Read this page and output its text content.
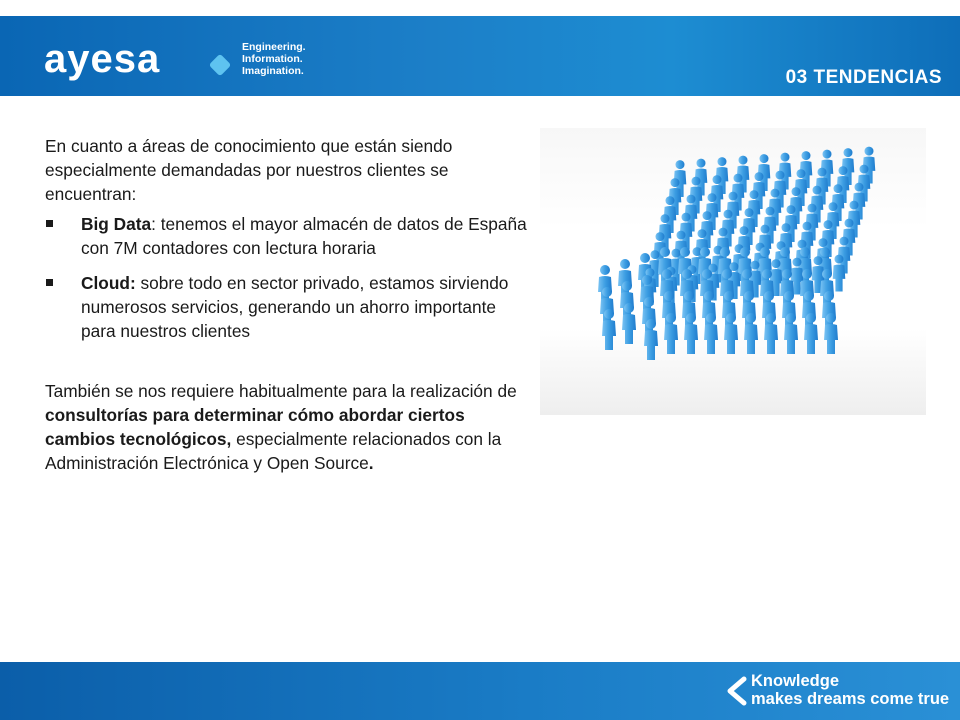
ayesa	Engineering.
Information.
Imagination.	03 TENDENCIAS

En cuanto a áreas de conocimiento que están siendo especialmente demandadas por nuestros clientes se encuentran:

Big Data: tenemos el mayor almacén de datos de España con 7M contadores con lectura horaria
Cloud: sobre todo en sector privado, estamos sirviendo numerosos servicios, generando un ahorro importante para nuestros clientes

También se nos requiere habitualmente para la realización de consultorías para determinar cómo abordar ciertos cambios tecnológicos, especialmente relacionados con la Administración Electrónica y Open Source.

Knowledge
makes dreams come true
